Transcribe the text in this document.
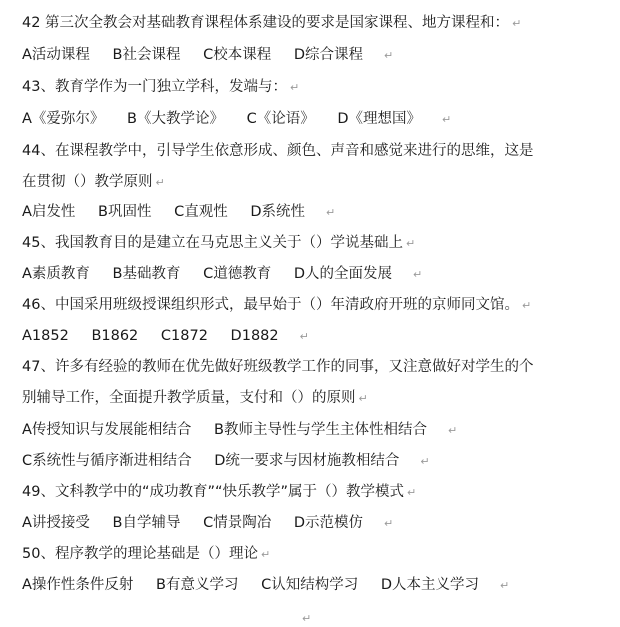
42 第三次全教会对基础教育课程体系建设的要求是国家课程、地方课程和： ↵
A活动课程 B社会课程 C校本课程 D综合课程 ↵
43、教育学作为一门独立学科，发端与： ↵
A《爱弥尔》 B《大教学论》 C《论语》 D《理想国》 ↵
44、在课程教学中，引导学生依意形成、颜色、声音和感觉来进行的思维，这是
在贯彻（）教学原则 ↵
A启发性 B巩固性 C直观性 D系统性 ↵
45、我国教育目的是建立在马克思主义关于（）学说基础上 ↵
A素质教育 B基础教育 C道德教育 D人的全面发展 ↵
46、中国采用班级授课组织形式，最早始于（）年清政府开班的京师同文馆。 ↵
A1852 B1862 C1872 D1882 ↵
47、许多有经验的教师在优先做好班级教学工作的同事，又注意做好对学生的个
别辅导工作，全面提升教学质量，支付和（）的原则 ↵
A传授知识与发展能相结合 B教师主导性与学生主体性相结合 ↵
C系统性与循序渐进相结合 D统一要求与因材施教相结合 ↵
49、文科教学中的“成功教育”“快乐教学”属于（）教学模式 ↵
A讲授接受 B自学辅导 C情景陶冶 D示范模仿 ↵
50、程序教学的理论基础是（）理论 ↵
A操作性条件反射 B有意义学习 C认知结构学习 D人本主义学习 ↵
↵
